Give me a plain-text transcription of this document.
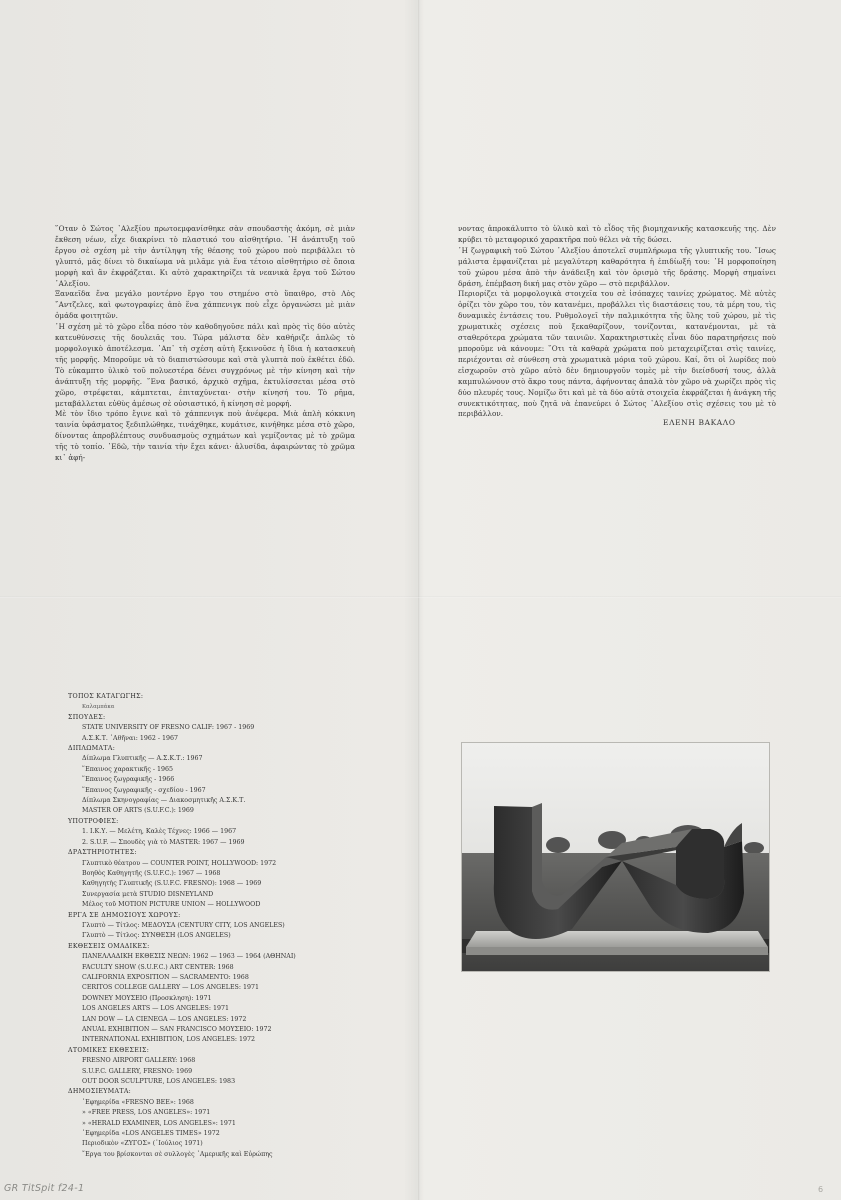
῞Οταν ὁ Σώτος ᾿Αλεξίου πρωτοεμφανίσθηκε σὰν σπουδαστὴς ἀκόμη, σὲ μιὰν ἔκθεση νέων, εἶχε διακρίνει τὸ πλαστικό του αἰσθητήριο. ῾Η ἀνάπτυξη τοῦ ἔργου σὲ σχέση μὲ τὴν ἀντίληψη τῆς θέασης τοῦ χώρου ποὺ περιβάλλει τὸ γλυπτό, μᾶς δίνει τὸ δικαίωμα νὰ μιλᾶμε γιὰ ἕνα τέτοιο αἰσθητήριο σὲ ὅποια μορφὴ καὶ ἂν ἐκφράζεται. Κι αὐτὸ χαρακτηρίζει τὰ νεανικὰ ἔργα τοῦ Σώτου ᾿Αλεξίου.

Ξαναεῖδα ἕνα μεγάλο μοντέρνο ἔργο του στημένο στὸ ὕπαιθρο, στὸ Λὸς ῎Αντζελες, καὶ φωτογραφίες ἀπὸ ἕνα χάππενιγκ ποὺ εἶχε ὀργανώσει μὲ μιὰν ὁμάδα φοιτητῶν.

῾Η σχέση μὲ τὸ χῶρο εἶδα πόσο τὸν καθοδηγοῦσε πάλι καὶ πρὸς τὶς δύο αὐτὲς κατευθύνσεις τῆς δουλειᾶς του. Τώρα μάλιστα δὲν καθήριζε ἁπλῶς τὸ μορφολογικὸ ἀποτέλεσμα. ᾿Απ᾿ τὴ σχέση αὐτὴ ξεκινοῦσε ἡ ἴδια ἡ κατασκευὴ τῆς μορφῆς. Μποροῦμε νὰ τὸ διαπιστώσουμε καὶ στὰ γλυπτὰ ποὺ ἐκθέτει ἐδῶ. Τὸ εὐκαμπτο ὑλικὸ τοῦ πολυεστέρα δένει συγχρόνως μὲ τὴν κίνηση καὶ τὴν ἀνάπτυξη τῆς μορφῆς. ῞Ενα βασικό, ἀρχικὸ σχῆμα, ἐκτυλίσσεται μέσα στὸ χῶρο, στρέφεται, κάμπτεται, ἐπιταχύνεται· στὴν κίνησή του. Τὸ ρῆμα, μεταβάλλεται εὐθὺς ἀμέσως σὲ οὐσιαστικό, ἡ κίνηση σὲ μορφή.

Μὲ τὸν ἴδιο τρόπο ἔγινε καὶ τὸ χάππενιγκ ποὺ ἀνέφερα. Μιὰ ἁπλὴ κόκκινη ταινία ὑφάσματος ξεδιπλώθηκε, τινάχθηκε, κυμάτισε, κινήθηκε μέσα στὸ χῶρο, δίνοντας ἀπροβλέπτους συνδυασμοὺς σχημάτων καὶ γεμίζοντας μὲ τὸ χρῶμα τῆς τὸ τοπίο. ᾿Εδῶ, τὴν ταινία τὴν ἔχει κάνει· ἀλυσίδα, ἀφαιρώντας τὸ χρῶμα κι᾿ ἀφή-

νοντας ἀπροκάλυπτο τὸ ὑλικὸ καὶ τὸ εἶδος τῆς βιομηχανικῆς κατασκευῆς της. Δὲν κρύβει τὸ μεταφορικό χαρακτῆρα ποὺ θέλει νὰ τῆς δώσει.

῾Η ζωγραφικὴ τοῦ Σώτου ᾿Αλεξίου ἀποτελεῖ συμπλήρωμα τῆς γλυπτικῆς του. ῎Ισως μάλιστα ἐμφανίζεται μὲ μεγαλύτερη καθαρότητα ἡ ἐπιδίωξή του: ῾Η μορφοποίηση τοῦ χώρου μέσα ἀπὸ τὴν ἀνάδειξη καὶ τὸν ὁρισμὸ τῆς δράσης. Μορφὴ σημαίνει δράση, ἐπέμβαση δική μας στὸν χῶρο — στὸ περιβάλλον.

Περιορίζει τὰ μορφολογικὰ στοιχεῖα του σὲ ἰσόπαχες ταινίες χρώματος. Μὲ αὐτὲς ὁρίζει τὸν χῶρο του, τὸν κατανέμει, προβάλλει τὶς διαστάσεις του, τὰ μέρη του, τὶς δυναμικὲς ἐντάσεις του. Ρυθμολογεῖ τὴν παλμικότητα τῆς ὕλης τοῦ χώρου, μὲ τὶς χρωματικὲς σχέσεις ποὺ ξεκαθαρίζουν, τονίζονται, κατανέμονται, μὲ τὰ σταθερότερα χρώματα τῶν ταινιῶν. Χαρακτηριστικὲς εἶναι δύο παρατηρήσεις ποὺ μποροῦμε νὰ κάνουμε: ῞Οτι τὰ καθαρὰ χρώματα ποὺ μεταχειρίζεται στὶς ταινίες, περιέχονται σὲ σύνθεση στὰ χρωματικὰ μόρια τοῦ χώρου. Καί, ὅτι οἱ λωρίδες ποὺ εἰσχωροῦν στὸ χῶρο αὐτὸ δὲν δημιουργοῦν τομὲς μὲ τὴν διείσδυσή τους, ἀλλὰ καμπυλώνουν στὸ ἄκρο τους πάντα, ἀφήνοντας ἀπαλὰ τὸν χῶρο νὰ χωρίζει πρὸς τὶς δύο πλευρές τους. Νομίζω ὅτι καὶ μὲ τὰ δύο αὐτὰ στοιχεῖα ἐκφράζεται ἡ ἀνάγκη τῆς συνεκτικότητας, ποὺ ζητᾶ νὰ ἐπανεύρει ὁ Σώτος ᾿Αλεξίου στὶς σχέσεις του μὲ τὸ περιβάλλον.

ΕΛΕΝΗ ΒΑΚΑΛΟ
ΤΟΠΟΣ ΚΑΤΑΓΩΓΗΣ:
Καλαμπάκα
ΣΠΟΥΔΕΣ:
STATE UNIVERSITY OF FRESNO CALIF: 1967 - 1969
Α.Σ.Κ.Τ. ᾿Αθῆναι: 1962 - 1967
ΔΙΠΛΩΜΑΤΑ:
Δίπλωμα Γλυπτικῆς — Α.Σ.Κ.Τ.: 1967
῞Επαινος χαρακτικῆς - 1965
῞Επαινος ζωγραφικῆς - 1966
῞Επαινος ζωγραφικῆς - σχεδίου - 1967
Δίπλωμα Σκηνογραφίας — Διακοσμητικῆς Α.Σ.Κ.Τ.
MASTER OF ARTS (S.U.F.C.): 1969
ΥΠΟΤΡΟΦΙΕΣ:
1. Ι.Κ.Υ. — Μελέτη, Καλὲς Τέχνες: 1966 — 1967
2. S.U.F. — Σπουδὲς γιὰ τὸ MASTER: 1967 — 1969
ΔΡΑΣΤΗΡΙΟΤΗΤΕΣ:
Γλυπτικὸ θέατρου — COUNTER POINT, HOLLYWOOD: 1972
Βοηθὸς Καθηγητῆς (S.U.F.C.): 1967 — 1968
Καθηγητὴς Γλυπτικῆς (S.U.F.C. FRESNO): 1968 — 1969
Συνεργασία μετὰ STUDIO DISNEYLAND
Μέλος τοῦ MOTION PICTURE UNION — HOLLYWOOD
ΕΡΓΑ ΣΕ ΔΗΜΟΣΙΟΥΣ ΧΩΡΟΥΣ:
Γλυπτὸ — Τίτλος: ΜΕΔΟΥΣΑ (CENTURY CITY, LOS ANGELES)
Γλυπτὸ — Τίτλος: ΣΥΝΘΕΣΗ (LOS ANGELES)
ΕΚΘΕΣΕΙΣ ΟΜΑΔΙΚΕΣ:
ΠΑΝΕΛΛΑΔΙΚΗ ΕΚΘΕΣΙΣ ΝΕΩΝ: 1962 — 1963 — 1964 (ΑΘΗΝΑΙ)
FACULTY SHOW (S.U.F.C.) ART CENTER: 1968
CALIFORNIA EXPOSITION — SACRAMENTO: 1968
CERITOS COLLEGE GALLERY — LOS ANGELES: 1971
DOWNEY ΜΟΥΣΕΙΟ (Προσκληση): 1971
LOS ANGELES ARTS — LOS ANGELES: 1971
LAN DOW — LA CIENEGA — LOS ANGELES: 1972
ANUAL EXHIBITION — SAN FRANCISCO ΜΟΥΣΕΙΟ: 1972
INTERNATIONAL EXHIBITION, LOS ANGELES: 1972
ΑΤΟΜΙΚΕΣ ΕΚΘΕΣΕΙΣ:
FRESNO AIRPORT GALLERY: 1968
S.U.F.C. GALLERY, FRESNO: 1969
OUT DOOR SCULPTURE, LOS ANGELES: 1983
ΔΗΜΟΣΙΕΥΜΑΤΑ:
᾿Εφημερίδα «FRESNO BEE»: 1968
» «FREE PRESS, LOS ANGELES»: 1971
» «HERALD EXAMINER, LOS ANGELES»: 1971
᾿Εφημερίδα «LOS ANGELES TIMES» 1972
Περιοδικὸν «ΖΥΓΟΣ» (᾿Ιούλιος 1971)
῎Εργα του βρίσκονται σὲ συλλογὲς ᾿Αμερικῆς καὶ Εὐρώπης
GR TitSpit f24-1	6
